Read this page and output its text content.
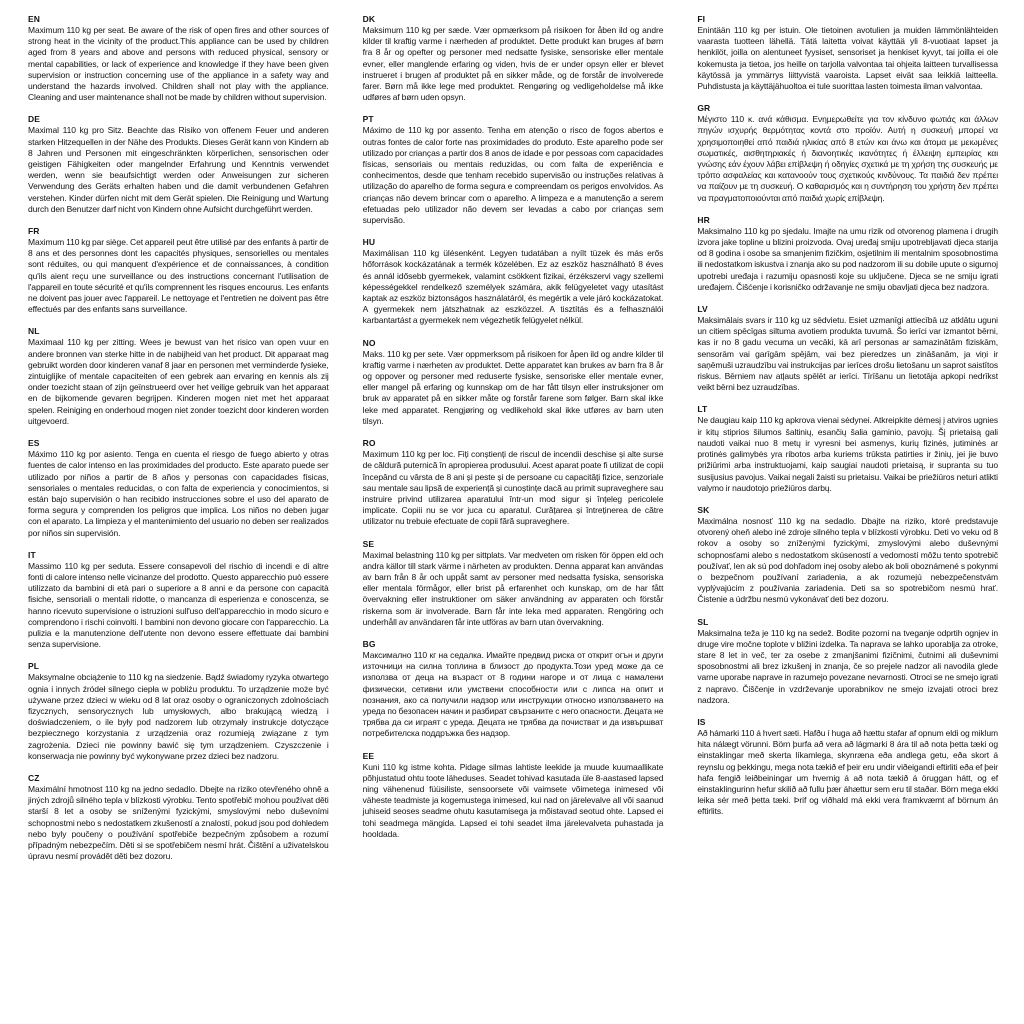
EN
Maximum 110 kg per seat. Be aware of the risk of open fires and other sources of strong heat in the vicinity of the product.This appliance can be used by children aged from 8 years and above and persons with reduced physical, sensory or mental capabilities, or lack of experience and knowledge if they have been given supervision or instruction concerning use of the appliance in a safety way and understand the hazards involved. Children shall not play with the appliance. Cleaning and user maintenance shall not be made by children without supervision.
DE
Maximal 110 kg pro Sitz. Beachte das Risiko von offenem Feuer und anderen starken Hitzequellen in der Nähe des Produkts. Dieses Gerät kann von Kindern ab 8 Jahren und Personen mit eingeschränkten körperlichen, sensorischen oder geistigen Fähigkeiten oder mangelnder Erfahrung und Kenntnis verwendet werden, wenn sie beaufsichtigt werden oder Anweisungen zur sicheren Verwendung des Geräts erhalten haben und die damit verbundenen Gefahren verstehen. Kinder dürfen nicht mit dem Gerät spielen. Die Reinigung und Wartung durch den Benutzer darf nicht von Kindern ohne Aufsicht durchgeführt werden.
FR
Maximum 110 kg par siège. Cet appareil peut être utilisé par des enfants à partir de 8 ans et des personnes dont les capacités physiques, sensorielles ou mentales sont réduites, ou qui manquent d'expérience et de connaissances, à condition qu'ils aient reçu une surveillance ou des instructions concernant l'utilisation de l'appareil en toute sécurité et qu'ils comprennent les risques encourus. Les enfants ne doivent pas jouer avec l'appareil. Le nettoyage et l'entretien ne doivent pas être effectués par des enfants sans surveillance.
NL
Maximaal 110 kg per zitting. Wees je bewust van het risico van open vuur en andere bronnen van sterke hitte in de nabijheid van het product. Dit apparaat mag gebruikt worden door kinderen vanaf 8 jaar en personen met verminderde fysieke, zintuiglijke of mentale capaciteiten of een gebrek aan ervaring en kennis als zij onder toezicht staan of zijn geïnstrueerd over het veilige gebruik van het apparaat en de bijkomende gevaren begrijpen. Kinderen mogen niet met het apparaat spelen. Reiniging en onderhoud mogen niet zonder toezicht door kinderen worden uitgevoerd.
ES
Máximo 110 kg por asiento. Tenga en cuenta el riesgo de fuego abierto y otras fuentes de calor intenso en las proximidades del producto. Este aparato puede ser utilizado por niños a partir de 8 años y personas con capacidades físicas, sensoriales o mentales reducidas, o con falta de experiencia y conocimientos, si están bajo supervisión o han recibido instrucciones sobre el uso del aparato de forma segura y comprenden los peligros que implica. Los niños no deben jugar con el aparato. La limpieza y el mantenimiento del usuario no deben ser realizados por niños sin supervisión.
IT
Massimo 110 kg per seduta. Essere consapevoli del rischio di incendi e di altre fonti di calore intenso nelle vicinanze del prodotto. Questo apparecchio può essere utilizzato da bambini di età pari o superiore a 8 anni e da persone con capacità fisiche, sensoriali o mentali ridotte, o mancanza di esperienza e conoscenza, se hanno ricevuto supervisione o istruzioni sull'uso dell'apparecchio in modo sicuro e comprendono i rischi coinvolti. I bambini non devono giocare con l'apparecchio. La pulizia e la manutenzione dell'utente non devono essere effettuate dai bambini senza supervisione.
PL
Maksymalne obciążenie to 110 kg na siedzenie. Bądź świadomy ryzyka otwartego ognia i innych źródeł silnego ciepła w pobliżu produktu. To urządzenie może być używane przez dzieci w wieku od 8 lat oraz osoby o ograniczonych zdolnościach fizycznych, sensorycznych lub umysłowych, albo brakującą wiedzą i doświadczeniem, o ile były pod nadzorem lub otrzymały instrukcje dotyczące bezpiecznego korzystania z urządzenia oraz rozumieją związane z tym zagrożenia. Dzieci nie powinny bawić się tym urządzeniem. Czyszczenie i konserwacja nie powinny być wykonywane przez dzieci bez nadzoru.
CZ
Maximální hmotnost 110 kg na jedno sedadlo. Dbejte na riziko otevřeného ohně a jiných zdrojů silného tepla v blízkosti výrobku. Tento spotřebič mohou používat děti starší 8 let a osoby se sníženými fyzickými, smyslovými nebo duševními schopnostmi nebo s nedostatkem zkušeností a znalostí, pokud jsou pod dohledem nebo byly poučeny o používání spotřebiče bezpečným způsobem a rozumí případným nebezpečím. Děti si se spotřebičem nesmí hrát. Čištění a uživatelskou úpravu nesmí provádět děti bez dozoru.
DK
Maksimum 110 kg per sæde. Vær opmærksom på risikoen for åben ild og andre kilder til kraftig varme i nærheden af produktet. Dette produkt kan bruges af børn fra 8 år og opefter og personer med nedsatte fysiske, sensoriske eller mentale evner, eller manglende erfaring og viden, hvis de er under opsyn eller er blevet instrueret i brugen af produktet på en sikker måde, og de forstår de involverede farer. Børn må ikke lege med produktet. Rengøring og vedligeholdelse må ikke udføres af børn uden opsyn.
PT
Máximo de 110 kg por assento. Tenha em atenção o risco de fogos abertos e outras fontes de calor forte nas proximidades do produto. Este aparelho pode ser utilizado por crianças a partir dos 8 anos de idade e por pessoas com capacidades físicas, sensoriais ou mentais reduzidas, ou com falta de experiência e conhecimentos, desde que tenham recebido supervisão ou instruções relativas à utilização do aparelho de forma segura e compreendam os perigos envolvidos. As crianças não devem brincar com o aparelho. A limpeza e a manutenção a serem efetuadas pelo utilizador não devem ser levadas a cabo por crianças sem supervisão.
HU
Maximálisan 110 kg ülésenként. Legyen tudatában a nyílt tüzek és más erős hőforrások kockázatának a termék közelében. Ez az eszköz használható 8 éves és annál idősebb gyermekek, valamint csökkent fizikai, érzékszervi vagy szellemi képességekkel rendelkező személyek számára, akik felügyeletet vagy utasítást kaptak az eszköz biztonságos használatáról, és megértik a vele járó kockázatokat. A gyermekek nem játszhatnak az eszközzel. A tisztítás és a felhasználói karbantartást a gyermekek nem végezhetik felügyelet nélkül.
NO
Maks. 110 kg per sete. Vær oppmerksom på risikoen for åpen ild og andre kilder til kraftig varme i nærheten av produktet. Dette apparatet kan brukes av barn fra 8 år og oppover og personer med reduserte fysiske, sensoriske eller mentale evner, eller mangel på erfaring og kunnskap om de har fått tilsyn eller instruksjoner om bruk av apparatet på en sikker måte og forstår farene som følger. Barn skal ikke leke med apparatet. Rengjøring og vedlikehold skal ikke utføres av barn uten tilsyn.
RO
Maximum 110 kg per loc. Fiți conștienți de riscul de incendii deschise și alte surse de căldură puternică în apropierea produsului. Acest aparat poate fi utilizat de copii începând cu vârsta de 8 ani și peste și de persoane cu capacități fizice, senzoriale sau mentale sau lipsă de experiență și cunoștințe dacă au primit supraveghere sau instruire privind utilizarea aparatului într-un mod sigur și înțeleg pericolele implicate. Copiii nu se vor juca cu aparatul. Curățarea și întreținerea de către utilizator nu trebuie efectuate de copii fără supraveghere.
SE
Maximal belastning 110 kg per sittplats. Var medveten om risken för öppen eld och andra källor till stark värme i närheten av produkten. Denna apparat kan användas av barn från 8 år och uppåt samt av personer med nedsatta fysiska, sensoriska eller mentala förmågor, eller brist på erfarenhet och kunskap, om de har fått övervakning eller instruktioner om säker användning av apparaten och förstår riskerna som är involverade. Barn får inte leka med apparaten. Rengöring och underhåll av användaren får inte utföras av barn utan övervakning.
BG
Максимално 110 кг на седалка. Имайте предвид риска от открит огън и други източници на силна топлина в близост до продукта.Този уред може да се използва от деца на възраст от 8 години нагоре и от лица с намалени физически, сетивни или умствени способности или с липса на опит и познания, ако са получили надзор или инструкции относно използването на уреда по безопасен начин и разбират свързаните с него опасности. Децата не трябва да си играят с уреда. Децата не трябва да почистват и да извършват потребителска поддръжка без надзор.
EE
Kuni 110 kg istme kohta. Pidage silmas lahtiste leekide ja muude kuumaallikate põhjustatud ohtu toote läheduses. Seadet tohivad kasutada üle 8-aastased lapsed ning vähenenud füüsiliste, sensoorsete või vaimsete võimetega inimesed või väheste teadmiste ja kogemustega inimesed, kui nad on järelevalve all või saanud juhiseid seoses seadme ohutu kasutamisega ja mõistavad seotud ohte. Lapsed ei tohi seadmega mängida. Lapsed ei tohi seadet ilma järelevalveta puhastada ja hooldada.
FI
Enintään 110 kg per istuin. Ole tietoinen avotulien ja muiden lämmönlähteiden vaarasta tuotteen lähellä. Tätä laitetta voivat käyttää yli 8-vuotiaat lapset ja henkilöt, joilla on alentuneet fyysiset, sensoriset ja henkiset kyvyt, tai joilla ei ole kokemusta ja tietoa, jos heille on tarjolla valvontaa tai ohjeita laitteen turvallisessa käytössä ja ymmärrys liittyvistä vaaroista. Lapset eivät saa leikkiä laitteella. Puhdistusta ja käyttäjähuoltoa ei tule suorittaa lasten toimesta ilman valvontaa.
GR
Μέγιστο 110 κ. ανά κάθισμα. Ενημερωθείτε για τον κίνδυνο φωτιάς και άλλων πηγών ισχυρής θερμότητας κοντά στο προϊόν. Αυτή η συσκευή μπορεί να χρησιμοποιηθεί από παιδιά ηλικίας από 8 ετών και άνω και άτομα με μειωμένες σωματικές, αισθητηριακές ή διανοητικές ικανότητες ή έλλειψη εμπειρίας και γνώσης εάν έχουν λάβει επίβλεψη ή οδηγίες σχετικά με τη χρήση της συσκευής με τρόπο ασφαλείας και κατανοούν τους σχετικούς κινδύνους. Τα παιδιά δεν πρέπει να παίζουν με τη συσκευή. Ο καθαρισμός και η συντήρηση του χρήστη δεν πρέπει να πραγματοποιούνται από παιδιά χωρίς επίβλεψη.
HR
Maksimalno 110 kg po sjedalu. Imajte na umu rizik od otvorenog plamena i drugih izvora jake topline u blizini proizvoda. Ovaj uređaj smiju upotrebljavati djeca starija od 8 godina i osobe sa smanjenim fizičkim, osjetilnim ili mentalnim sposobnostima ili nedostatkom iskustva i znanja ako su pod nadzorom ili su dobile upute o sigurnoj upotrebi uređaja i razumiju opasnosti koje su uključene. Djeca se ne smiju igrati uređajem. Čišćenje i korisničko održavanje ne smiju obavljati djeca bez nadzora.
LV
Maksimālais svars ir 110 kg uz sēdvietu. Esiet uzmanīgi attiecībā uz atklātu uguni un citiem spēcīgas siltuma avotiem produkta tuvumā. Šo ierīci var izmantot bērni, kas ir no 8 gadu vecuma un vecāki, kā arī personas ar samazinātām fiziskām, sensorām vai garīgām spējām, vai bez pieredzes un zināšanām, ja viņi ir saņēmuši uzraudzību vai instrukcijas par ierīces drošu lietošanu un saprot saistītos riskus. Bērniem nav atļauts spēlēt ar ierīci. Tīrīšanu un lietotāja apkopi nedrīkst veikt bērni bez uzraudzības.
LT
Ne daugiau kaip 110 kg apkrova vienai sėdynei. Atkreipkite dėmesį į atviros ugnies ir kitų stiprios šilumos šaltinių, esančių šalia gaminio, pavojų. Šį prietaisą gali naudoti vaikai nuo 8 metų ir vyresni bei asmenys, kurių fizinės, jutiminės ar protinės galimybės yra ribotos arba kuriems trūksta patirties ir žinių, jei jie buvo prižiūrimi arba instruktuojami, kaip saugiai naudoti prietaisą, ir supranta su tuo susijusius pavojus. Vaikai negali žaisti su prietaisu. Vaikai be priežiūros neturi atlikti valymo ir naudotojo priežiūros darbų.
SK
Maximálna nosnosť 110 kg na sedadlo. Dbajte na riziko, ktoré predstavuje otvorený oheň alebo iné zdroje silného tepla v blízkosti výrobku. Deti vo veku od 8 rokov a osoby so zníženými fyzickými, zmyslovými alebo duševnými schopnosťami alebo s nedostatkom skúseností a vedomostí môžu tento spotrebič používať, len ak sú pod dohľadom inej osoby alebo ak boli oboznámené s pokynmi o bezpečnom používaní zariadenia, a ak rozumejú nebezpečenstvám vyplývajúcim z používania zariadenia. Deti sa so spotrebičom nesmú hrať. Čistenie a údržbu nesmú vykonávať deti bez dozoru.
SL
Maksimalna teža je 110 kg na sedež. Bodite pozorni na tveganje odprtih ognjev in druge vire močne toplote v bližini izdelka. Ta naprava se lahko uporablja za otroke, stare 8 let in več, ter za osebe z zmanjšanimi fizičnimi, čutnimi ali duševnimi sposobnostmi ali brez izkušenj in znanja, če so prejele nadzor ali navodila glede varne uporabe naprave in razumejo povezane nevarnosti. Otroci se ne smejo igrati z napravo. Čiščenje in vzdrževanje uporabnikov ne smejo izvajati otroci brez nadzora.
IS
Að hámarki 110 á hvert sæti. Hafðu í huga að hættu stafar af opnum eldi og miklum hita nálægt vörunni. Börn þurfa að vera að lágmarki 8 ára til að nota þetta tæki og einstaklingar með skerta líkamlega, skynræna eða andlega getu, eða skort á reynslu og þekkingu, mega nota tækið ef þeir eru undir viðeigandi eftirliti eða ef þeir hafa fengið leiðbeiningar um hvernig á að nota tækið á öruggan hátt, og ef einstaklingurinn hefur skilið að fullu þær áhættur sem eru til staðar. Börn mega ekki leika sér með þetta tæki. Þrif og viðhald má ekki vera framkvæmt af börnum án eftirlits.
